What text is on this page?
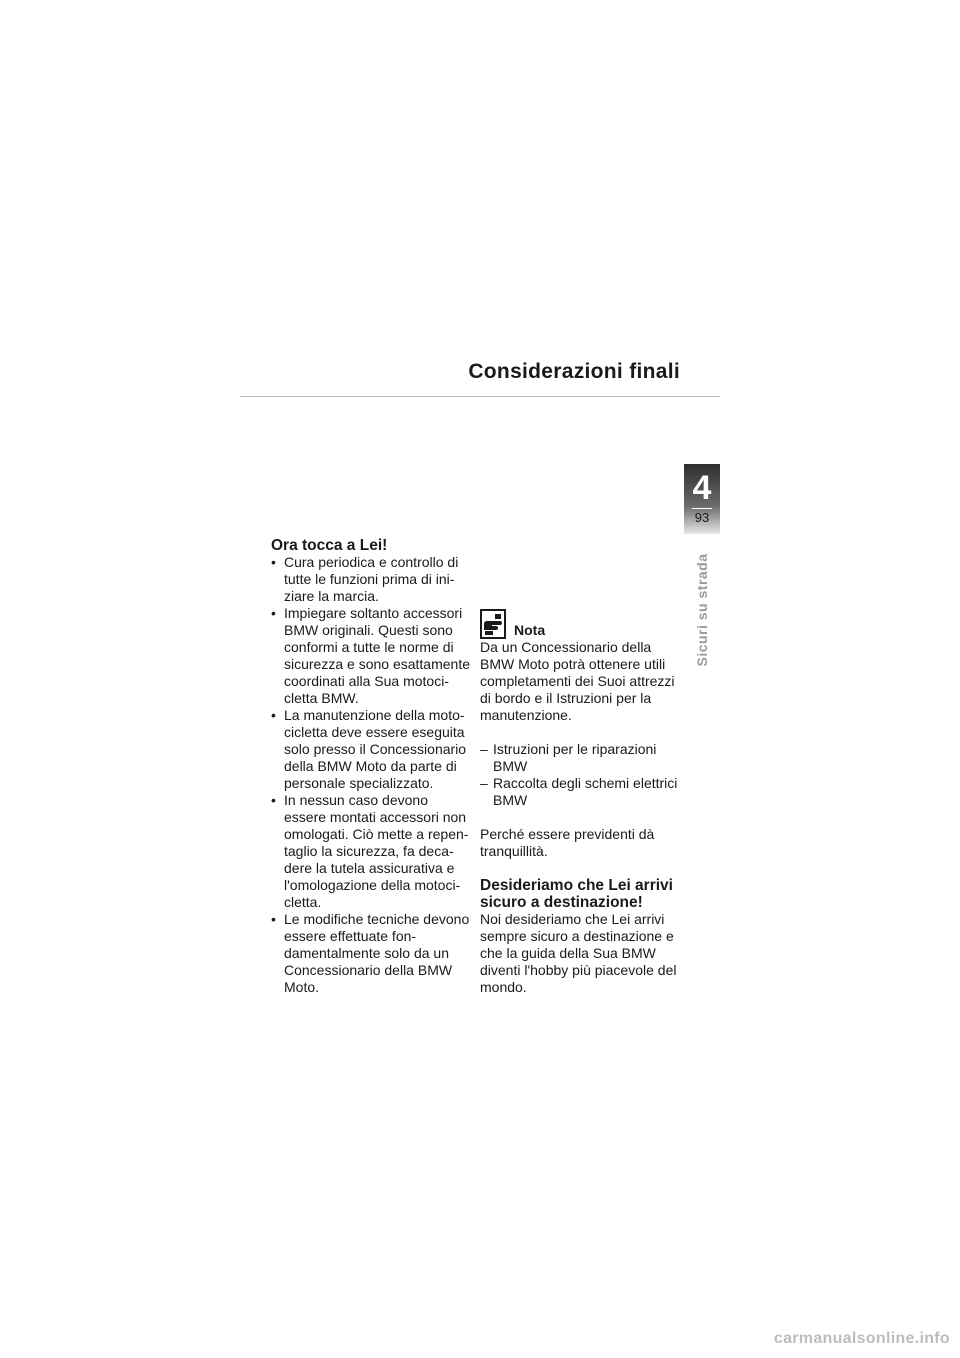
Considerazioni finali
4
93
Sicuri su strada
Ora tocca a Lei!
• Cura periodica e controllo di tutte le funzioni prima di ini-ziare la marcia.
• Impiegare soltanto accessori BMW originali. Questi sono conformi a tutte le norme di sicurezza e sono esattamente coordinati alla Sua motoci-cletta BMW.
• La manutenzione della moto-cicletta deve essere eseguita solo presso il Concessionario della BMW Moto da parte di personale specializzato.
• In nessun caso devono essere montati accessori non omologati. Ciò mette a repen-taglio la sicurezza, fa deca-dere la tutela assicurativa e l'omologazione della motoci-cletta.
• Le modifiche tecniche devono essere effettuate fon-damentalmente solo da un Concessionario della BMW Moto.
Nota

Da un Concessionario della BMW Moto potrà ottenere utili completamenti dei Suoi attrezzi di bordo e il Istruzioni per la manutenzione.

– Istruzioni per le riparazioni BMW
– Raccolta degli schemi elettrici BMW

Perché essere previdenti dà tranquillità.

Desideriamo che Lei arrivi sicuro a destinazione!

Noi desideriamo che Lei arrivi sempre sicuro a destinazione e che la guida della Sua BMW diventi l'hobby più piacevole del mondo.

carmanualsonline.info
